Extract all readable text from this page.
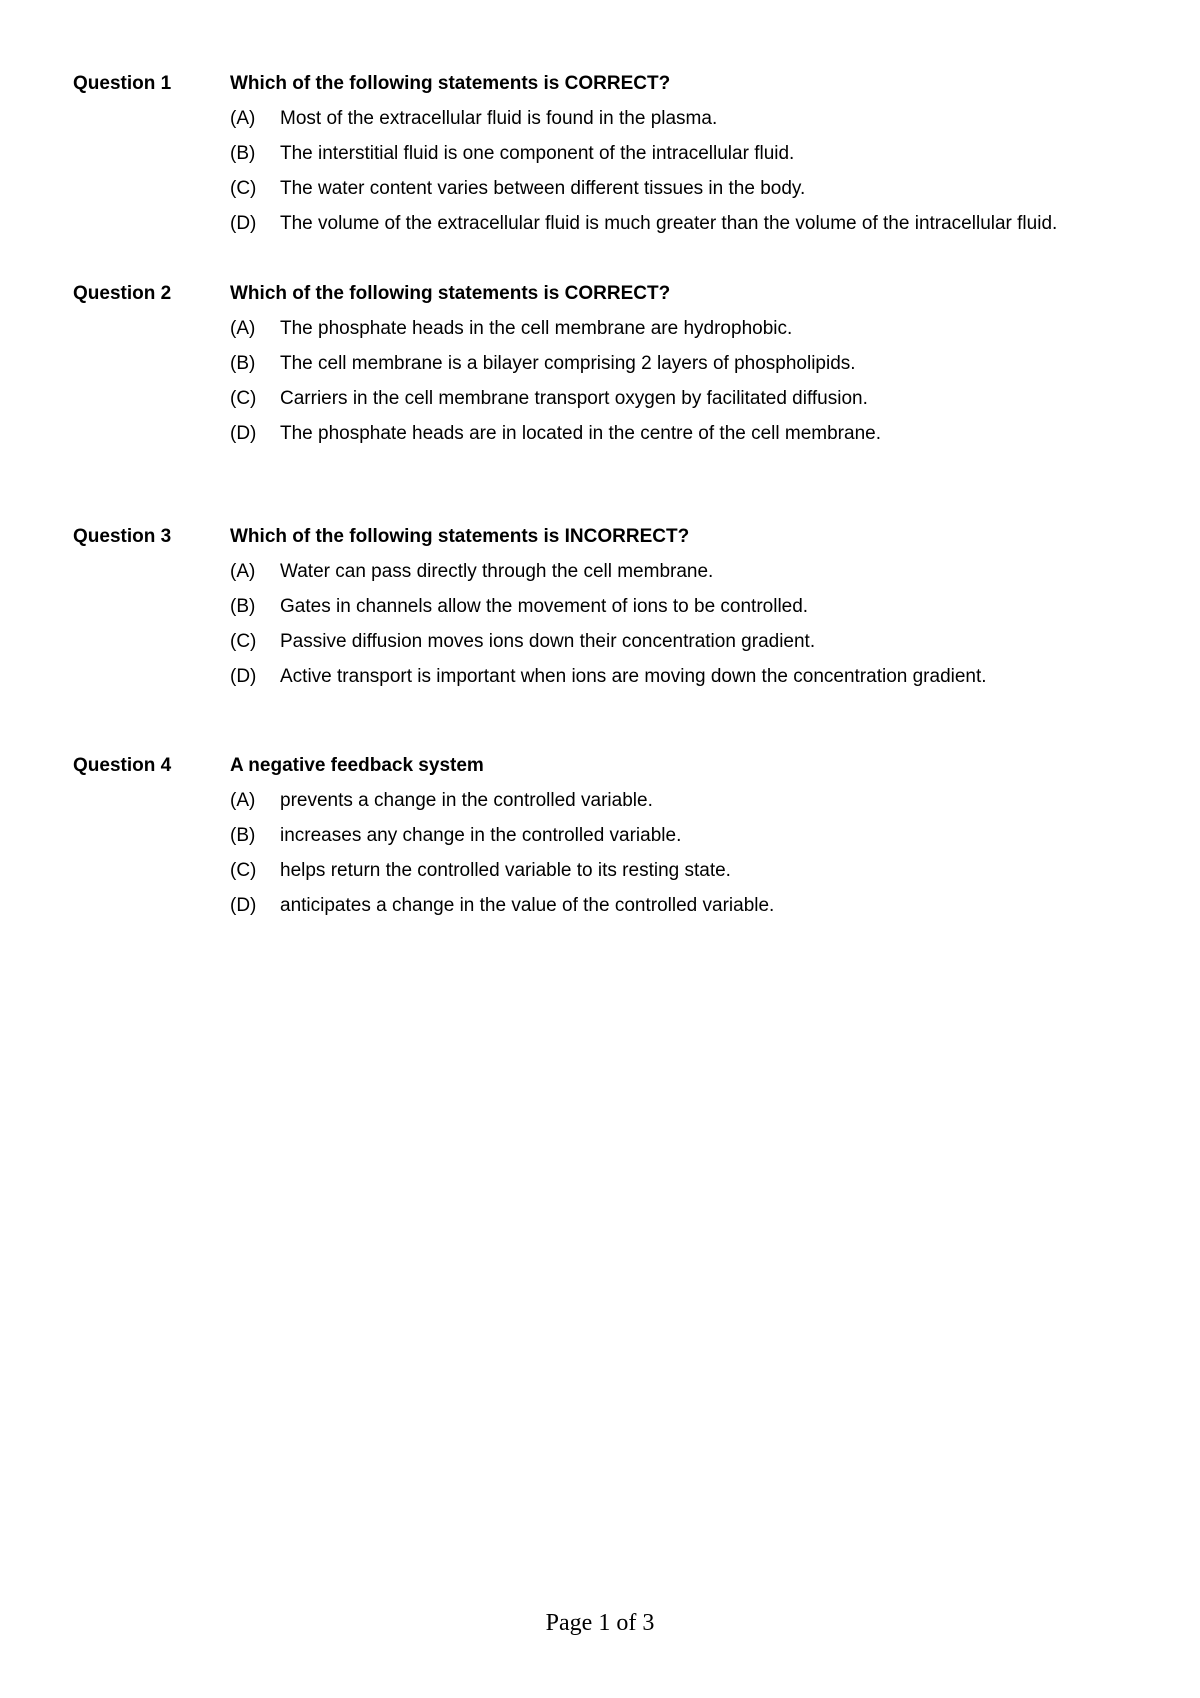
Question 1	Which of the following statements is CORRECT?
(A) Most of the extracellular fluid is found in the plasma.
(B) The interstitial fluid is one component of the intracellular fluid.
(C) The water content varies between different tissues in the body.
(D) The volume of the extracellular fluid is much greater than the volume of the intracellular fluid.
Question 2	Which of the following statements is CORRECT?
(A) The phosphate heads in the cell membrane are hydrophobic.
(B) The cell membrane is a bilayer comprising 2 layers of phospholipids.
(C) Carriers in the cell membrane transport oxygen by facilitated diffusion.
(D) The phosphate heads are in located in the centre of the cell membrane.
Question 3	Which of the following statements is INCORRECT?
(A) Water can pass directly through the cell membrane.
(B) Gates in channels allow the movement of ions to be controlled.
(C) Passive diffusion moves ions down their concentration gradient.
(D) Active transport is important when ions are moving down the concentration gradient.
Question 4	A negative feedback system
(A) prevents a change in the controlled variable.
(B) increases any change in the controlled variable.
(C) helps return the controlled variable to its resting state.
(D) anticipates a change in the value of the controlled variable.
Page 1 of 3
